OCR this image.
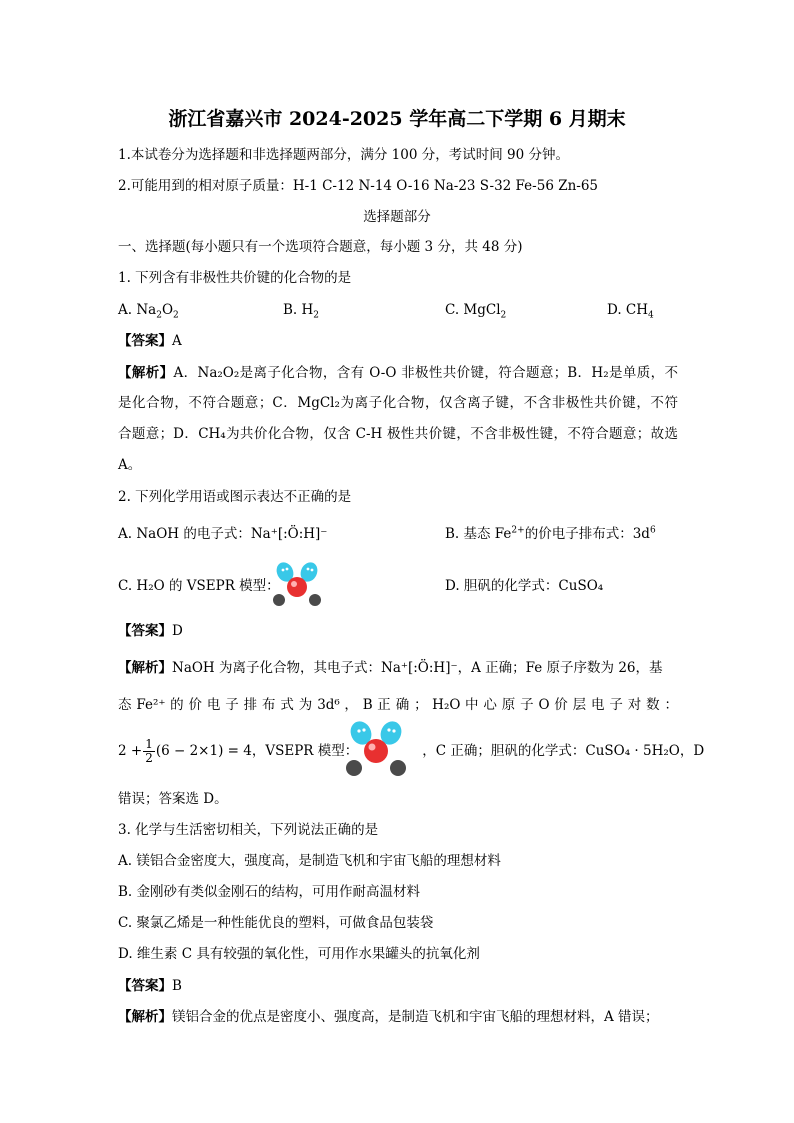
浙江省嘉兴市 2024-2025 学年高二下学期 6 月期末
1.本试卷分为选择题和非选择题两部分，满分 100 分，考试时间 90 分钟。
2.可能用到的相对原子质量：H-1 C-12 N-14 O-16 Na-23 S-32 Fe-56 Zn-65
选择题部分
一、选择题(每小题只有一个选项符合题意，每小题 3 分，共 48 分)
1. 下列含有非极性共价键的化合物的是
A. $Na_2O_2$	B. $H_2$	C. MgCl$_2$	D. $CH_4$
【答案】A
【解析】A．Na₂O₂是离子化合物，含有 O-O 非极性共价键，符合题意；B．H₂是单质，不
是化合物，不符合题意；C．MgCl₂为离子化合物，仅含离子键，不含非极性共价键，不符
合题意；D．CH₄为共价化合物，仅含 C-H 极性共价键，不含非极性键，不符合题意；故选
A。
2. 下列化学用语或图示表达不正确的是
A. NaOH 的电子式：Na⁺[:Ö:H]⁻	B. 基态 $Fe^{2+}$的价电子排布式：$3d^6$
C. H₂O 的 VSEPR 模型：	D. 胆矾的化学式：CuSO₄
【答案】D
【解析】NaOH 为离子化合物，其电子式：Na⁺[:Ö:H]⁻，A 正确；Fe 原子序数为 26，基
态 Fe²⁺ 的 价 电 子 排 布 式 为 3d⁶ ， B 正 确 ； H₂O 中 心 原 子 O 价 层 电 子 对 数 ：
$2 + \frac{1}{2} (6 - 2\times 1) = 4$，VSEPR 模型：	，C 正确；胆矾的化学式：CuSO₄ · 5H₂O，D
错误；答案选 D。
3. 化学与生活密切相关，下列说法正确的是
A. 镁铝合金密度大，强度高，是制造飞机和宇宙飞船的理想材料
B. 金刚砂有类似金刚石的结构，可用作耐高温材料
C. 聚氯乙烯是一种性能优良的塑料，可做食品包装袋
D. 维生素 C 具有较强的氧化性，可用作水果罐头的抗氧化剂
【答案】B
【解析】镁铝合金的优点是密度小、强度高，是制造飞机和宇宙飞船的理想材料，A 错误；
